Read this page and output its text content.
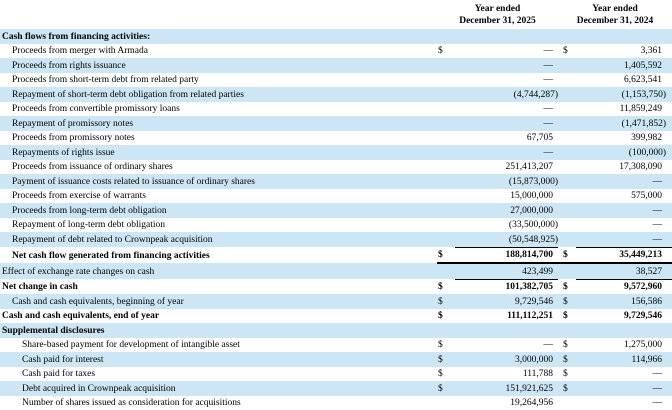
Year ended
December 31, 2025

Year ended
December 31, 2024

Cash flows from financing activities:				
Proceeds from merger with Armada	$	—	$	3,361
Proceeds from rights issuance		—		1,405,592
Proceeds from short-term debt from related party		—		6,623,541
Repayment of short-term debt obligation from related parties		(4,744,287)		(1,153,750)
Proceeds from convertible promissory loans		—		11,859,249
Repayment of promissory notes		—		(1,471,852)
Proceeds from promissory notes		67,705		399,982
Repayments of rights issue		—		(100,000)
Proceeds from issuance of ordinary shares		251,413,207		17,308,090
Payment of issuance costs related to issuance of ordinary shares		(15,873,000)		—
Proceeds from exercise of warrants		15,000,000		575,000
Proceeds from long-term debt obligation		27,000,000		—
Repayment of long-term debt obligation		(33,500,000)		—
Repayment of debt related to Crownpeak acquisition		(50,548,925)		—
Net cash flow generated from financing activities	$	188,814,700	$	35,449,213
Effect of exchange rate changes on cash		423,499		38,527
Net change in cash	$	101,382,705	$	9,572,960
Cash and cash equivalents, beginning of year	$	9,729,546	$	156,586
Cash and cash equivalents, end of year	$	111,112,251	$	9,729,546
Supplemental disclosures				
Share-based payment for development of intangible asset	$	—	$	1,275,000
Cash paid for interest	$	3,000,000	$	114,966
Cash paid for taxes	$	111,788	$	—
Debt acquired in Crownpeak acquisition	$	151,921,625	$	—
Number of shares issued as consideration for acquisitions		19,264,956		—
